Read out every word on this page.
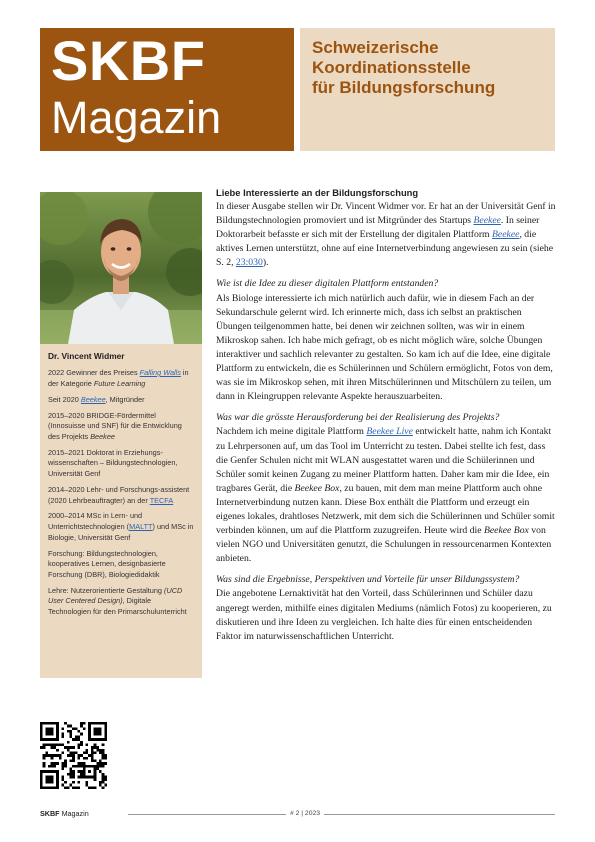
SKBF
Magazin
Schweizerische
Koordinationsstelle
für Bildungsforschung
Dr. Vincent Widmer

2022 Gewinner des Preises Falling Walls in der Kategorie Future Learning

Seit 2020 Beekee, Mitgründer

2015–2020 BRIDGE-Fördermittel (Innosuisse und SNF) für die Entwicklung des Projekts Beekee

2015–2021 Doktorat in Erziehungs-wissenschaften – Bildungstechnologien, Universität Genf

2014–2020 Lehr- und Forschungs-assistent (2020 Lehrbeauftragter) an der TECFA

2000–2014 MSc in Lern- und Unterrichtstechnologien (MALTT) und MSc in Biologie, Universität Genf

Forschung: Bildungstechnologien, kooperatives Lernen, designbasierte Forschung (DBR), Biologiedidaktik

Lehre: Nutzerorientierte Gestaltung (UCD User Centered Design), Digitale Technologien für den Primarschulunterricht

Liebe Interessierte an der Bildungsforschung

In dieser Ausgabe stellen wir Dr. Vincent Widmer vor. Er hat an der Universität Genf in Bildungstechnologien promoviert und ist Mitgründer des Startups Beekee. In seiner Doktorarbeit befasste er sich mit der Erstellung der digitalen Plattform Beekee, die aktives Lernen unterstützt, ohne auf eine Internetverbindung angewiesen zu sein (siehe S. 2, 23:030).

Wie ist die Idee zu dieser digitalen Plattform entstanden?

Als Biologe interessierte ich mich natürlich auch dafür, wie in diesem Fach an der Sekundarschule gelernt wird. Ich erinnerte mich, dass ich selbst an praktischen Übungen teilgenommen hatte, bei denen wir zeichnen sollten, was wir in einem Mikroskop sahen. Ich habe mich gefragt, ob es nicht möglich wäre, solche Übungen interaktiver und sachlich relevanter zu gestalten. So kam ich auf die Idee, eine digitale Plattform zu entwickeln, die es Schülerinnen und Schülern ermöglicht, Fotos von dem, was sie im Mikroskop sehen, mit ihren Mitschülerinnen und Mitschülern zu teilen, um dann in Kleingruppen relevante Aspekte herauszuarbeiten.

Was war die grösste Herausforderung bei der Realisierung des Projekts?

Nachdem ich meine digitale Plattform Beekee Live entwickelt hatte, nahm ich Kontakt zu Lehrpersonen auf, um das Tool im Unterricht zu testen. Dabei stellte ich fest, dass die Genfer Schulen nicht mit WLAN ausgestattet waren und die Schülerinnen und Schüler somit keinen Zugang zu meiner Plattform hatten. Daher kam mir die Idee, ein tragbares Gerät, die Beekee Box, zu bauen, mit dem man meine Plattform auch ohne Internetverbindung nutzen kann. Diese Box enthält die Plattform und erzeugt ein eigenes lokales, drahtloses Netzwerk, mit dem sich die Schülerinnen und Schüler somit verbinden können, um auf die Plattform zuzugreifen. Heute wird die Beekee Box von vielen NGO und Universitäten genutzt, die Schulungen in ressourcenarmen Kontexten anbieten.

Was sind die Ergebnisse, Perspektiven und Vorteile für unser Bildungssystem?

Die angebotene Lernaktivität hat den Vorteil, dass Schülerinnen und Schüler dazu angeregt werden, mithilfe eines digitalen Mediums (nämlich Fotos) zu kooperieren, zu diskutieren und ihre Ideen zu vergleichen. Ich halte dies für einen entscheidenden Faktor im naturwissenschaftlichen Unterricht.

SKBF Magazin	# 2 | 2023
